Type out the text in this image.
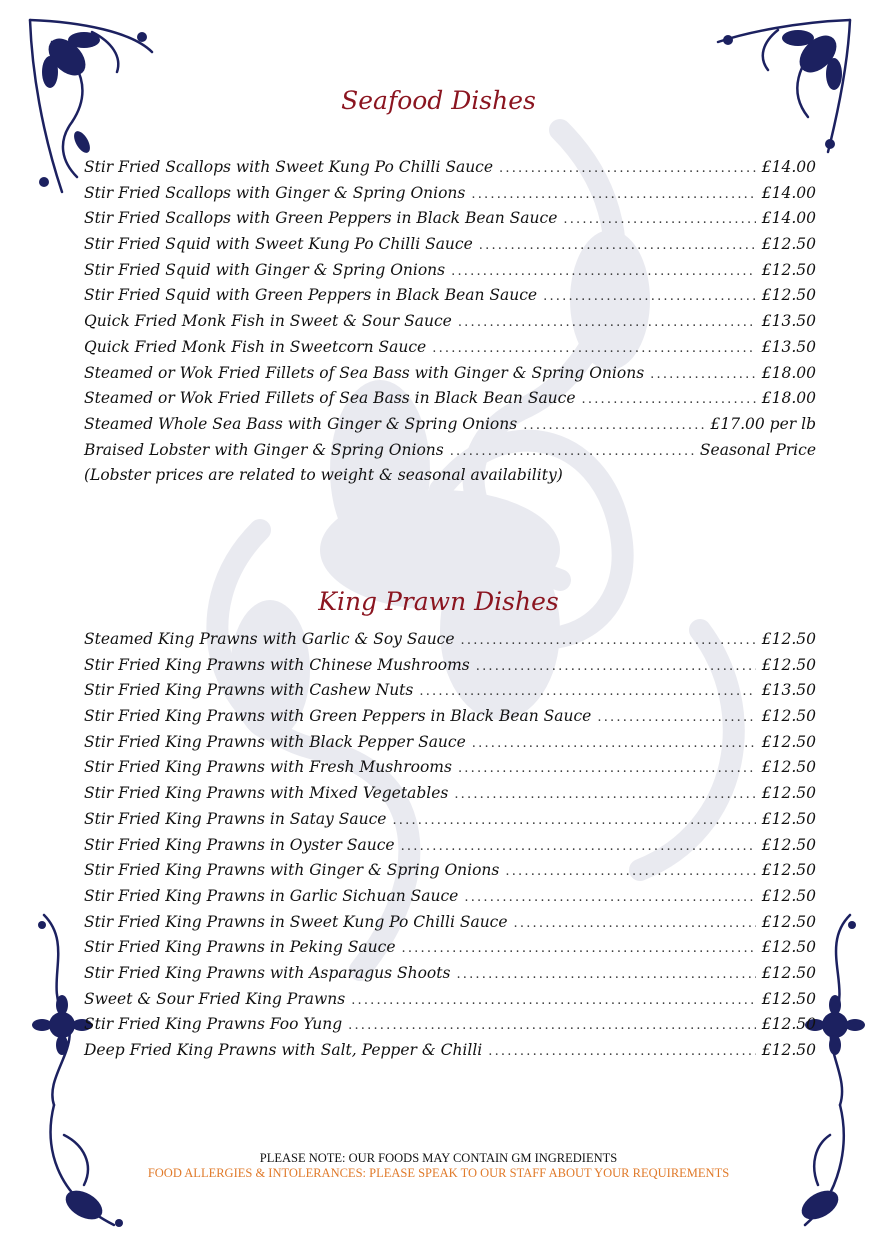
Seafood Dishes
Stir Fried Scallops with Sweet Kung Po Chilli Sauce .....	£14.00
Stir Fried Scallops with Ginger & Spring Onions .....	£14.00
Stir Fried Scallops with Green Peppers in Black Bean Sauce .....	£14.00
Stir Fried Squid with Sweet Kung Po Chilli Sauce .....	£12.50
Stir Fried Squid with Ginger & Spring Onions .....	£12.50
Stir Fried Squid with Green Peppers in Black Bean Sauce .....	£12.50
Quick Fried Monk Fish in Sweet & Sour Sauce .....	£13.50
Quick Fried Monk Fish in Sweetcorn Sauce .....	£13.50
Steamed or Wok Fried Fillets of Sea Bass with Ginger & Spring Onions .....	£18.00
Steamed or Wok Fried Fillets of Sea Bass in Black Bean Sauce .....	£18.00
Steamed Whole Sea Bass with Ginger & Spring Onions .....	£17.00 per lb
Braised Lobster with Ginger & Spring Onions .....	Seasonal Price
(Lobster prices are related to weight & seasonal availability)
King Prawn Dishes
Steamed King Prawns with Garlic & Soy Sauce .....	£12.50
Stir Fried King Prawns with Chinese Mushrooms .....	£12.50
Stir Fried King Prawns with Cashew Nuts .....	£13.50
Stir Fried King Prawns with Green Peppers in Black Bean Sauce .....	£12.50
Stir Fried King Prawns with Black Pepper Sauce .....	£12.50
Stir Fried King Prawns with Fresh Mushrooms .....	£12.50
Stir Fried King Prawns with Mixed Vegetables .....	£12.50
Stir Fried King Prawns in Satay Sauce .....	£12.50
Stir Fried King Prawns in Oyster Sauce .....	£12.50
Stir Fried King Prawns with Ginger & Spring Onions .....	£12.50
Stir Fried King Prawns in Garlic Sichuan Sauce .....	£12.50
Stir Fried King Prawns in Sweet Kung Po Chilli Sauce .....	£12.50
Stir Fried King Prawns in Peking Sauce .....	£12.50
Stir Fried King Prawns with Asparagus Shoots .....	£12.50
Sweet & Sour Fried King Prawns .....	£12.50
Stir Fried King Prawns Foo Yung .....	£12.50
Deep Fried King Prawns with Salt, Pepper & Chilli .....	£12.50

PLEASE NOTE: OUR FOODS MAY CONTAIN GM INGREDIENTS

FOOD ALLERGIES & INTOLERANCES: PLEASE SPEAK TO OUR STAFF ABOUT YOUR REQUIREMENTS
